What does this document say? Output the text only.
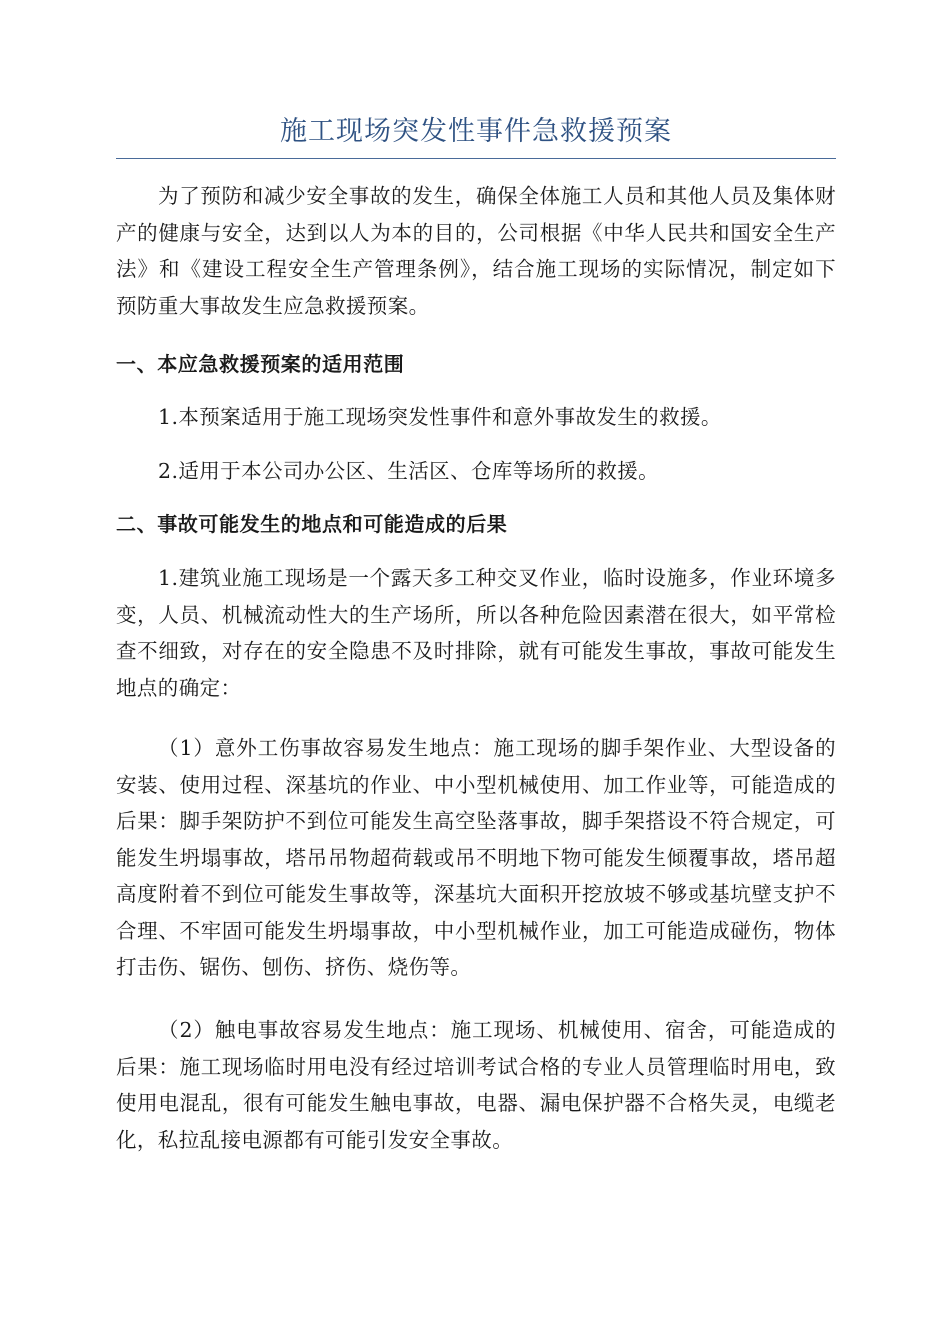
施工现场突发性事件急救援预案

为了预防和减少安全事故的发生，确保全体施工人员和其他人员及集体财产的健康与安全，达到以人为本的目的，公司根据《中华人民共和国安全生产法》和《建设工程安全生产管理条例》，结合施工现场的实际情况，制定如下预防重大事故发生应急救援预案。

一、本应急救援预案的适用范围

1.本预案适用于施工现场突发性事件和意外事故发生的救援。

2.适用于本公司办公区、生活区、仓库等场所的救援。

二、事故可能发生的地点和可能造成的后果

1.建筑业施工现场是一个露天多工种交叉作业，临时设施多，作业环境多变，人员、机械流动性大的生产场所，所以各种危险因素潜在很大，如平常检查不细致，对存在的安全隐患不及时排除，就有可能发生事故，事故可能发生地点的确定：

（1）意外工伤事故容易发生地点：施工现场的脚手架作业、大型设备的安装、使用过程、深基坑的作业、中小型机械使用、加工作业等，可能造成的后果：脚手架防护不到位可能发生高空坠落事故，脚手架搭设不符合规定，可能发生坍塌事故，塔吊吊物超荷载或吊不明地下物可能发生倾覆事故，塔吊超高度附着不到位可能发生事故等，深基坑大面积开挖放坡不够或基坑壁支护不合理、不牢固可能发生坍塌事故，中小型机械作业，加工可能造成碰伤，物体打击伤、锯伤、刨伤、挤伤、烧伤等。

（2）触电事故容易发生地点：施工现场、机械使用、宿舍，可能造成的后果：施工现场临时用电没有经过培训考试合格的专业人员管理临时用电，致使用电混乱，很有可能发生触电事故，电器、漏电保护器不合格失灵，电缆老化，私拉乱接电源都有可能引发安全事故。
